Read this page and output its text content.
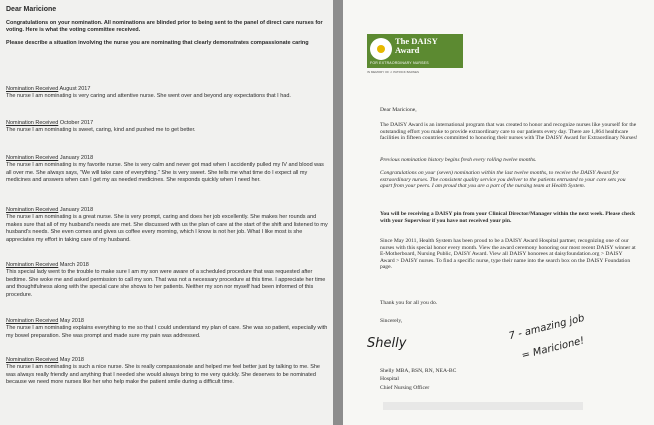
Dear Maricione
Congratulations on your nomination. All nominations are blinded prior to being sent to the panel of direct care nurses for voting. Here is what the voting committee received.
Please describe a situation involving the nurse you are nominating that clearly demonstrates compassionate caring
Nomination Received August 2017
The nurse I am nominating is very caring and attentive nurse. She went over and beyond any expectations that I had.
Nomination Received October 2017
The nurse I am nominating is sweet, caring, kind and pushed me to get better.
Nomination Received January 2018
The nurse I am nominating is my favorite nurse. She is very calm and never got mad when I accidently pulled my IV and blood was all over me. She always says, "We will take care of everything." She is very sweet. She tells me what time do I expect all my medicines and answers when can I get my as needed medicines. She responds quickly when I need her.
Nomination Received January 2018
The nurse I am nominating is a great nurse. She is very prompt, caring and does her job excellently. She makes her rounds and makes sure that all of my husband's needs are met. She discussed with us the plan of care at the start of the shift and listened to my husband's needs. She even comes and gives us coffee every morning, which I know is not her job. What I like most is she appreciates my effort in taking care of my husband.
Nomination Received March 2018
This special lady went to the trouble to make sure I am my son were aware of a scheduled procedure that was requested after bedtime. She woke me and asked permission to call my son. That was not a necessary procedure at this time. I appreciate her time and thoughtfulness along with the special care she shows to her patients. Neither my son nor myself had been informed of this procedure.
Nomination Received May 2018
The nurse I am nominating explains everything to me so that I could understand my plan of care. She was so patient, especially with my bowel preparation. She was prompt and made sure my pain was addressed.
Nomination Received May 2018
The nurse I am nominating is such a nice nurse. She is really compassionate and helped me feel better just by talking to me. She was always really friendly and anything that I needed she would always bring to me very quickly. She deserves to be nominated because we need more nurses like her who help make the patient smile during a difficult time.
The DAISY
Award
FOR EXTRAORDINARY NURSES
IN MEMORY OF J. PATRICK BARNES
Dear Maricione,
The DAISY Award is an international program that was created to honor and recognize nurses like yourself for the outstanding effort you make to provide extraordinary care to our patients every day. There are 1,864 healthcare facilities in fifteen countries committed to honoring their nurses with The DAISY Award for Extraordinary Nurses!
Previous nomination history begins fresh every rolling twelve months.
Congratulations on your (seven) nomination within the last twelve months, to receive the DAISY Award for extraordinary nurses. The consistent quality service you deliver to the patients entrusted to your care sets you apart from your peers. I am proud that you are a part of the nursing team at Health System.
You will be receiving a DAISY pin from your Clinical Director/Manager within the next week. Please check with your Supervisor if you have not received your pin.
Since May 2011, Health System has been proud to be a DAISY Award Hospital partner, recognizing one of our nurses with this special honor every month. View the award ceremony honoring our most recent DAISY winner at E-Motherboard, Nursing Public, DAISY Award. View all DAISY honorees at daisyfoundation.org > DAISY Award > DAISY nurses. To find a specific nurse, type their name into the search box on the DAISY Foundation page.
Thank you for all you do.
Sincerely,
Shelly
Shelly MBA, BSN, RN, NEA-BC
Hospital
Chief Nursing Officer
7 - amazing job
= Maricione!
